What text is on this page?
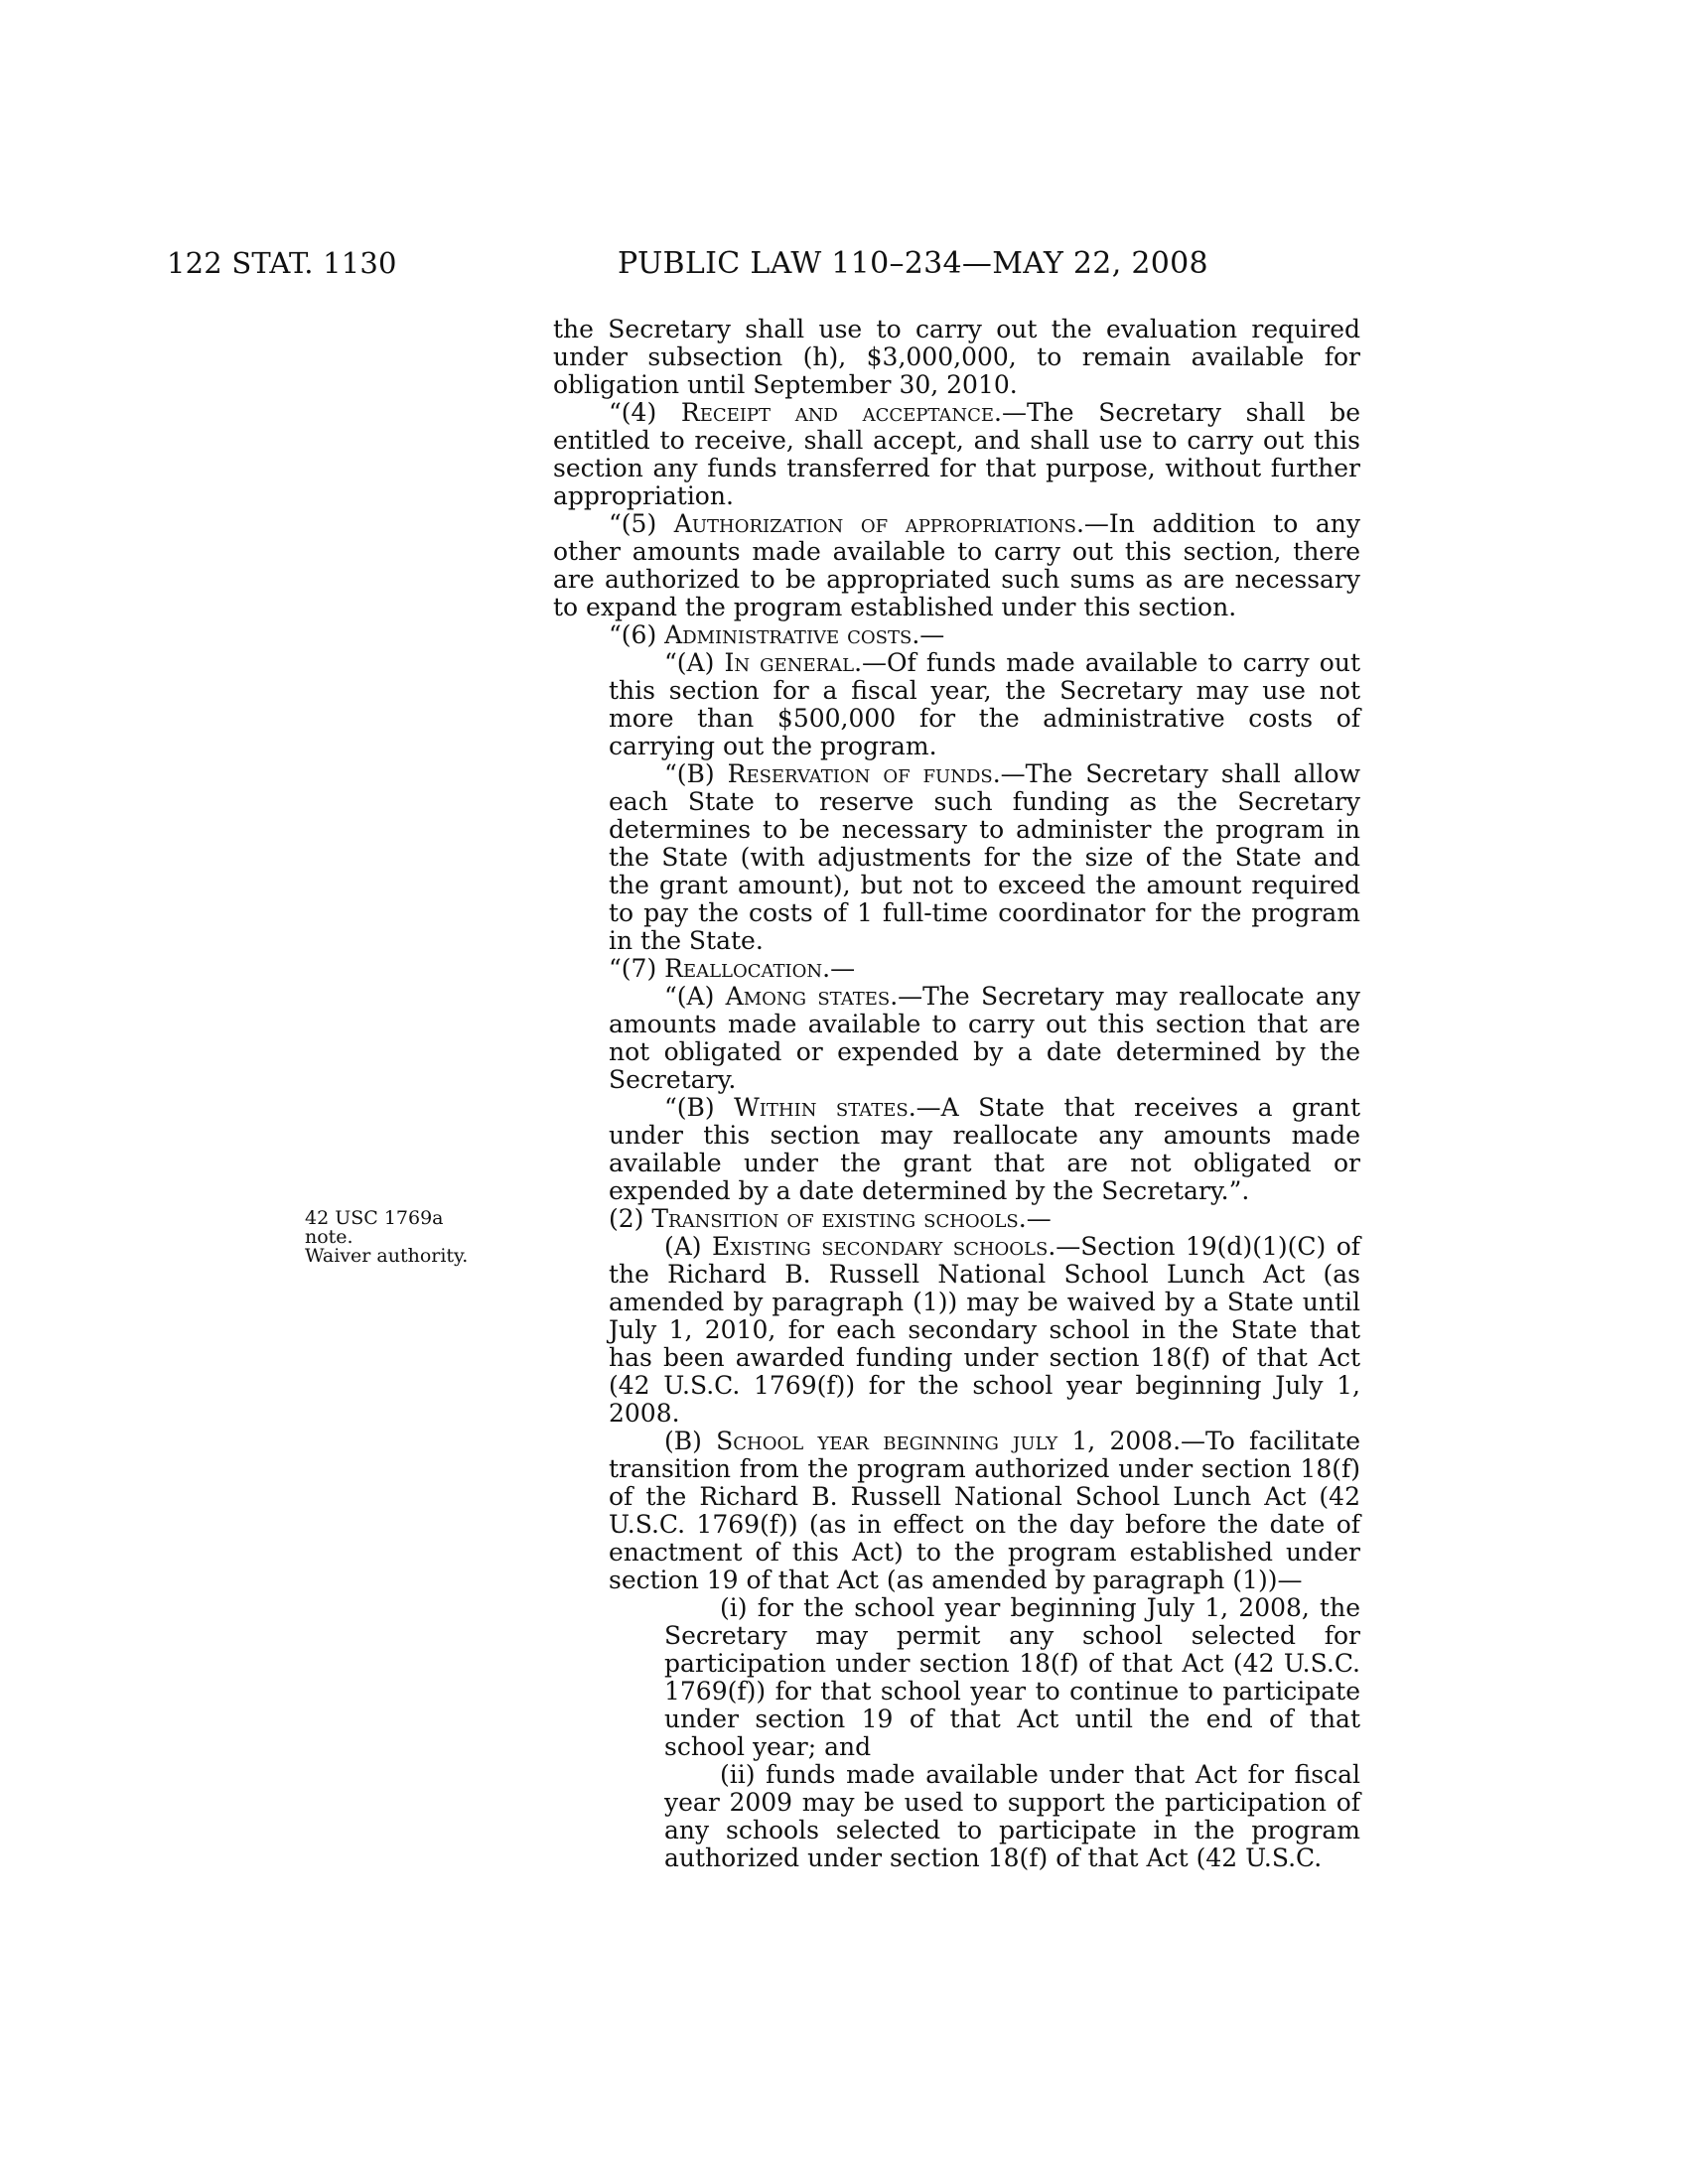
122 STAT. 1130	PUBLIC LAW 110–234—MAY 22, 2008
42 USC 1769a
note.
Waiver authority.

the Secretary shall use to carry out the evaluation required under subsection (h), $3,000,000, to remain available for obligation until September 30, 2010.

“(4) Receipt and acceptance.—The Secretary shall be entitled to receive, shall accept, and shall use to carry out this section any funds transferred for that purpose, without further appropriation.

“(5) Authorization of appropriations.—In addition to any other amounts made available to carry out this section, there are authorized to be appropriated such sums as are necessary to expand the program established under this section.

“(6) Administrative costs.—

“(A) In general.—Of funds made available to carry out this section for a fiscal year, the Secretary may use not more than $500,000 for the administrative costs of carrying out the program.

“(B) Reservation of funds.—The Secretary shall allow each State to reserve such funding as the Secretary determines to be necessary to administer the program in the State (with adjustments for the size of the State and the grant amount), but not to exceed the amount required to pay the costs of 1 full-time coordinator for the program in the State.

“(7) Reallocation.—

“(A) Among states.—The Secretary may reallocate any amounts made available to carry out this section that are not obligated or expended by a date determined by the Secretary.

“(B) Within states.—A State that receives a grant under this section may reallocate any amounts made available under the grant that are not obligated or expended by a date determined by the Secretary.”.

(2) Transition of existing schools.—

(A) Existing secondary schools.—Section 19(d)(1)(C) of the Richard B. Russell National School Lunch Act (as amended by paragraph (1)) may be waived by a State until July 1, 2010, for each secondary school in the State that has been awarded funding under section 18(f) of that Act (42 U.S.C. 1769(f)) for the school year beginning July 1, 2008.

(B) School year beginning july 1, 2008.—To facilitate transition from the program authorized under section 18(f) of the Richard B. Russell National School Lunch Act (42 U.S.C. 1769(f)) (as in effect on the day before the date of enactment of this Act) to the program established under section 19 of that Act (as amended by paragraph (1))—

(i) for the school year beginning July 1, 2008, the Secretary may permit any school selected for participation under section 18(f) of that Act (42 U.S.C. 1769(f)) for that school year to continue to participate under section 19 of that Act until the end of that school year; and

(ii) funds made available under that Act for fiscal year 2009 may be used to support the participation of any schools selected to participate in the program authorized under section 18(f) of that Act (42 U.S.C.
